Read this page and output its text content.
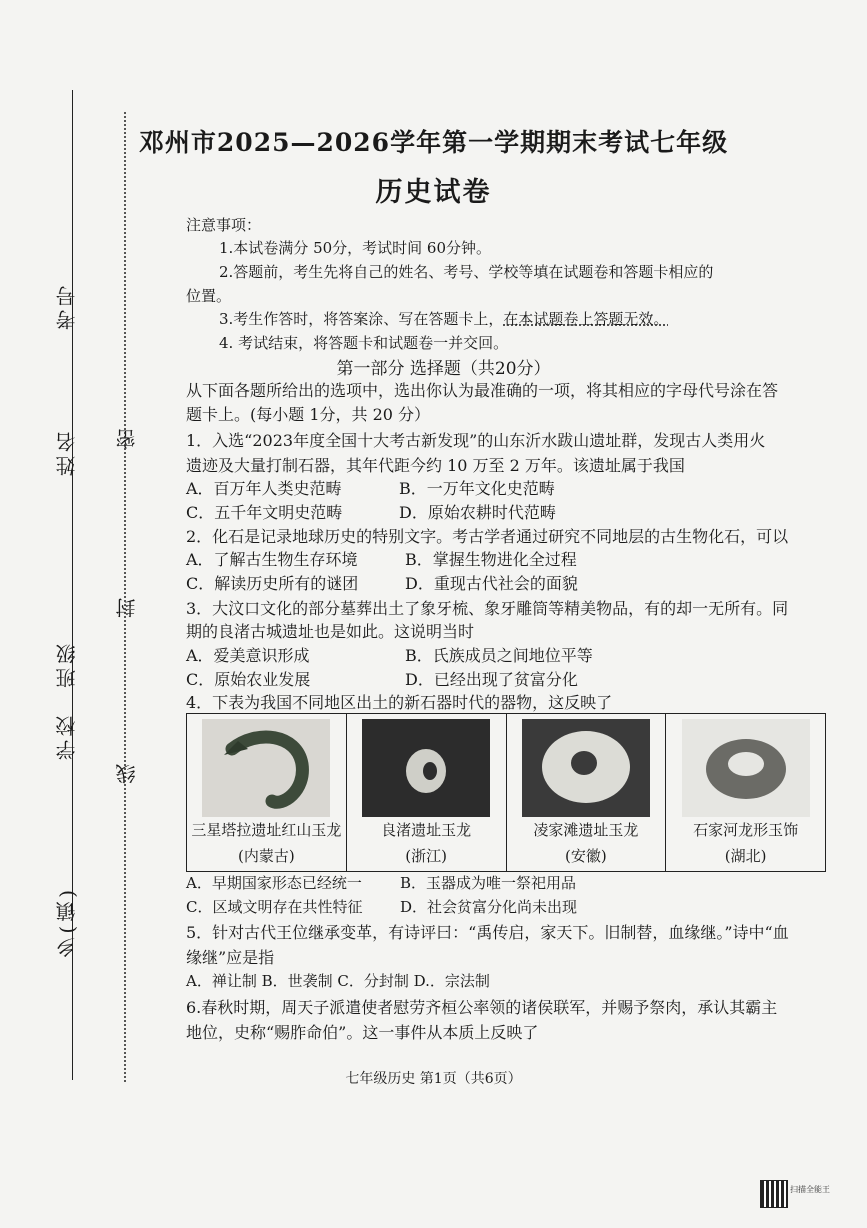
考号
姓名
班级
学校
乡(镇)
密
封
线
邓州市2025—2026学年第一学期期末考试七年级
历史试卷
注意事项：
1.本试卷满分 50分，考试时间 60分钟。
2.答题前，考生先将自己的姓名、考号、学校等填在试题卷和答题卡相应的
位置。
3.考生作答时，将答案涂、写在答题卡上，在本试题卷上答题无效。
4. 考试结束，将答题卡和试题卷一并交回。
第一部分 选择题（共20分）
从下面各题所给出的选项中，选出你认为最准确的一项，将其相应的字母代号涂在答
题卡上。(每小题 1分，共 20 分）
1．入选“2023年度全国十大考古新发现”的山东沂水跋山遗址群，发现古人类用火
遗迹及大量打制石器，其年代距今约 10 万至 2 万年。该遗址属于我国
A．百万年人类史范畴	B．一万年文化史范畴
C．五千年文明史范畴	D．原始农耕时代范畴
2．化石是记录地球历史的特别文字。考古学者通过研究不同地层的古生物化石，可以
A．了解古生物生存环境	B．掌握生物进化全过程
C．解读历史所有的谜团	D．重现古代社会的面貌
3．大汶口文化的部分墓葬出土了象牙梳、象牙雕筒等精美物品，有的却一无所有。同
期的良渚古城遗址也是如此。这说明当时
A．爱美意识形成	B．氏族成员之间地位平等
C．原始农业发展	D．已经出现了贫富分化
4．下表为我国不同地区出土的新石器时代的器物，这反映了
三星塔拉遗址红山玉龙
(内蒙古)

良渚遗址玉龙
(浙江)

凌家滩遗址玉龙
(安徽)

石家河龙形玉饰
(湖北)
A．早期国家形态已经统一	B．玉器成为唯一祭祀用品
C．区域文明存在共性特征	D．社会贫富分化尚未出现
5．针对古代王位继承变革，有诗评曰：“禹传启，家天下。旧制替，血缘继。”诗中“血
缘继”应是指
A．禅让制 B．世袭制 C．分封制 D.．宗法制
6.春秋时期，周天子派遣使者慰劳齐桓公率领的诸侯联军，并赐予祭肉，承认其霸主
地位，史称“赐胙命伯”。这一事件从本质上反映了
七年级历史 第1页（共6页）
扫描全能王
